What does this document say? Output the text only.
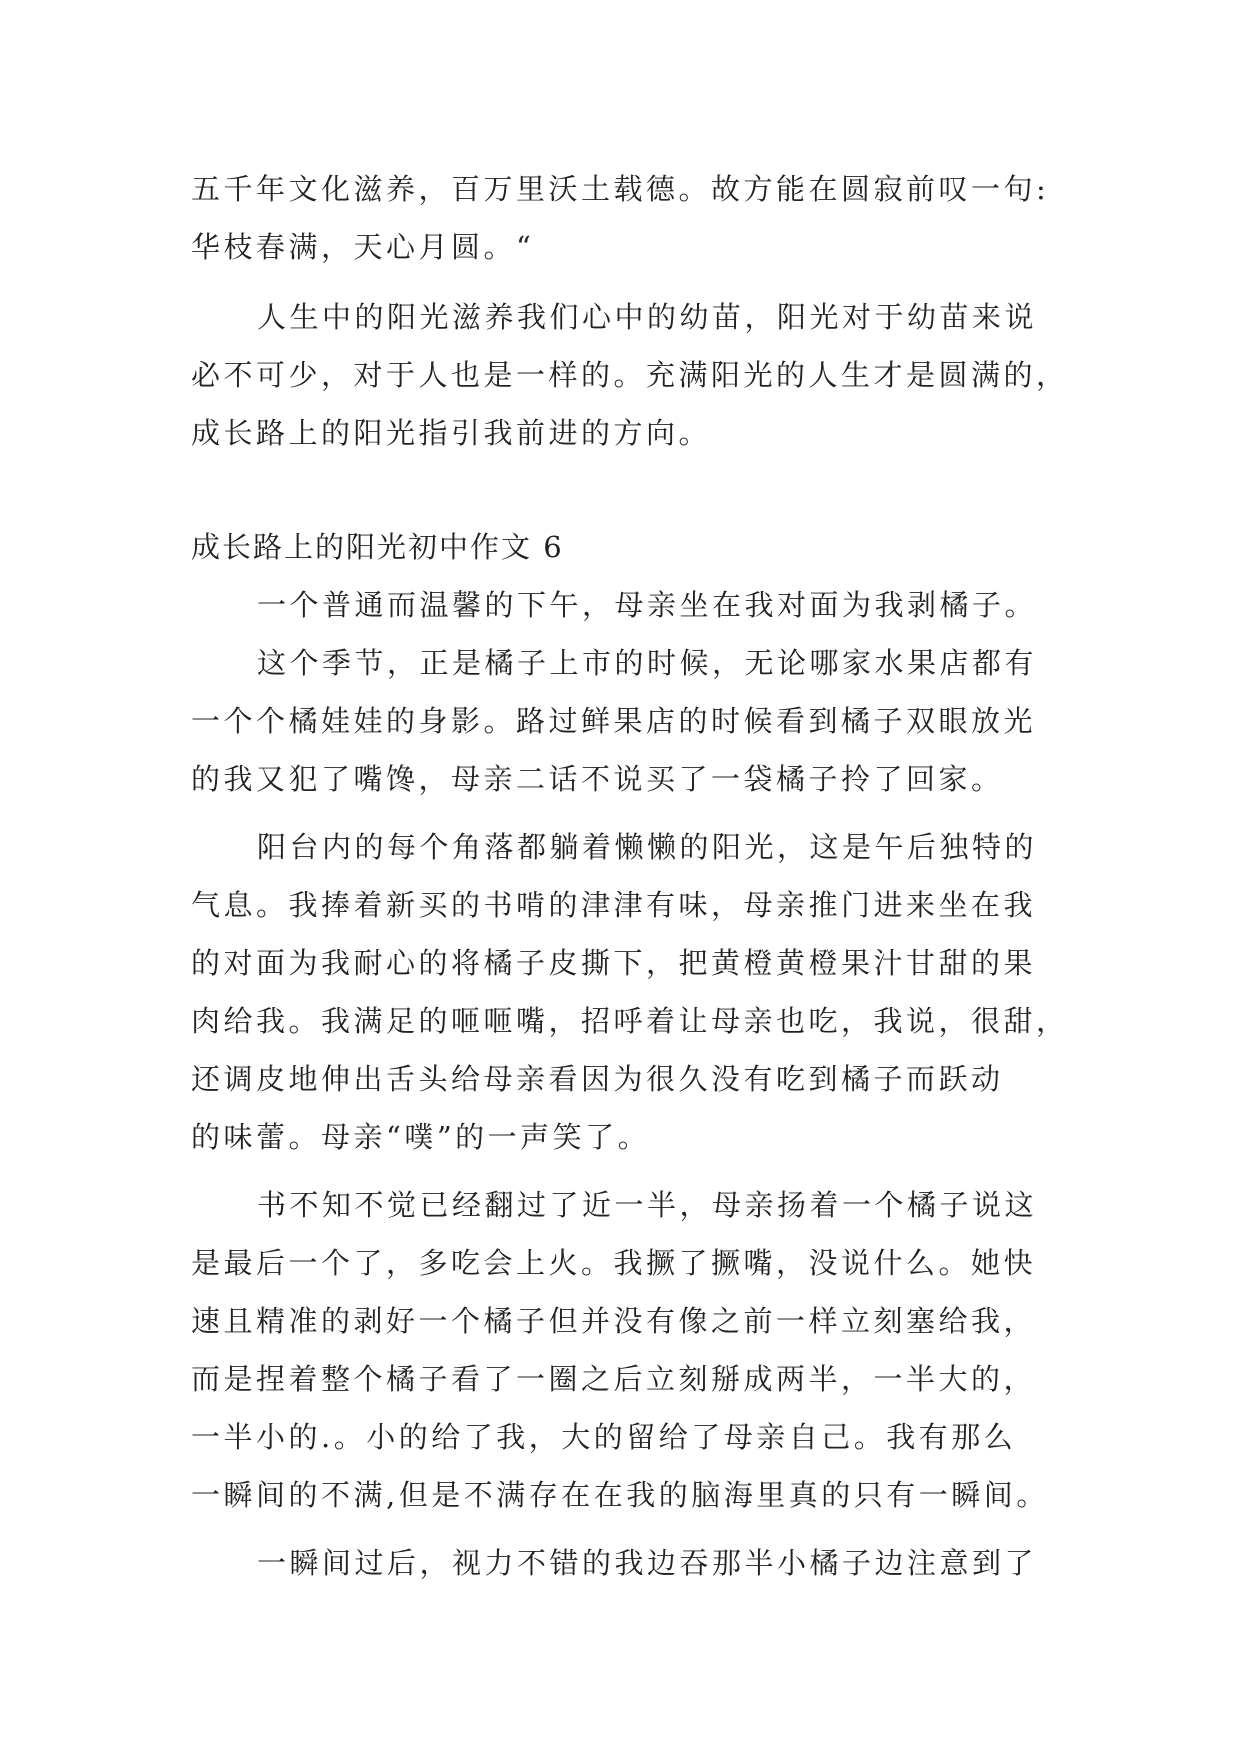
五千年文化滋养，百万里沃土载德。故方能在圆寂前叹一句:
华枝春满，天心月圆。“
人生中的阳光滋养我们心中的幼苗，阳光对于幼苗来说
必不可少，对于人也是一样的。充满阳光的人生才是圆满的，
成长路上的阳光指引我前进的方向。
成长路上的阳光初中作文 6
一个普通而温馨的下午，母亲坐在我对面为我剥橘子。
这个季节，正是橘子上市的时候，无论哪家水果店都有
一个个橘娃娃的身影。路过鲜果店的时候看到橘子双眼放光
的我又犯了嘴馋，母亲二话不说买了一袋橘子拎了回家。
阳台内的每个角落都躺着懒懒的阳光，这是午后独特的
气息。我捧着新买的书啃的津津有味，母亲推门进来坐在我
的对面为我耐心的将橘子皮撕下，把黄橙黄橙果汁甘甜的果
肉给我。我满足的咂咂嘴，招呼着让母亲也吃，我说，很甜，
还调皮地伸出舌头给母亲看因为很久没有吃到橘子而跃动
的味蕾。母亲“噗”的一声笑了。
书不知不觉已经翻过了近一半，母亲扬着一个橘子说这
是最后一个了，多吃会上火。我撅了撅嘴，没说什么。她快
速且精准的剥好一个橘子但并没有像之前一样立刻塞给我，
而是捏着整个橘子看了一圈之后立刻掰成两半，一半大的，
一半小的.。小的给了我，大的留给了母亲自己。我有那么
一瞬间的不满,但是不满存在在我的脑海里真的只有一瞬间。
一瞬间过后，视力不错的我边吞那半小橘子边注意到了
